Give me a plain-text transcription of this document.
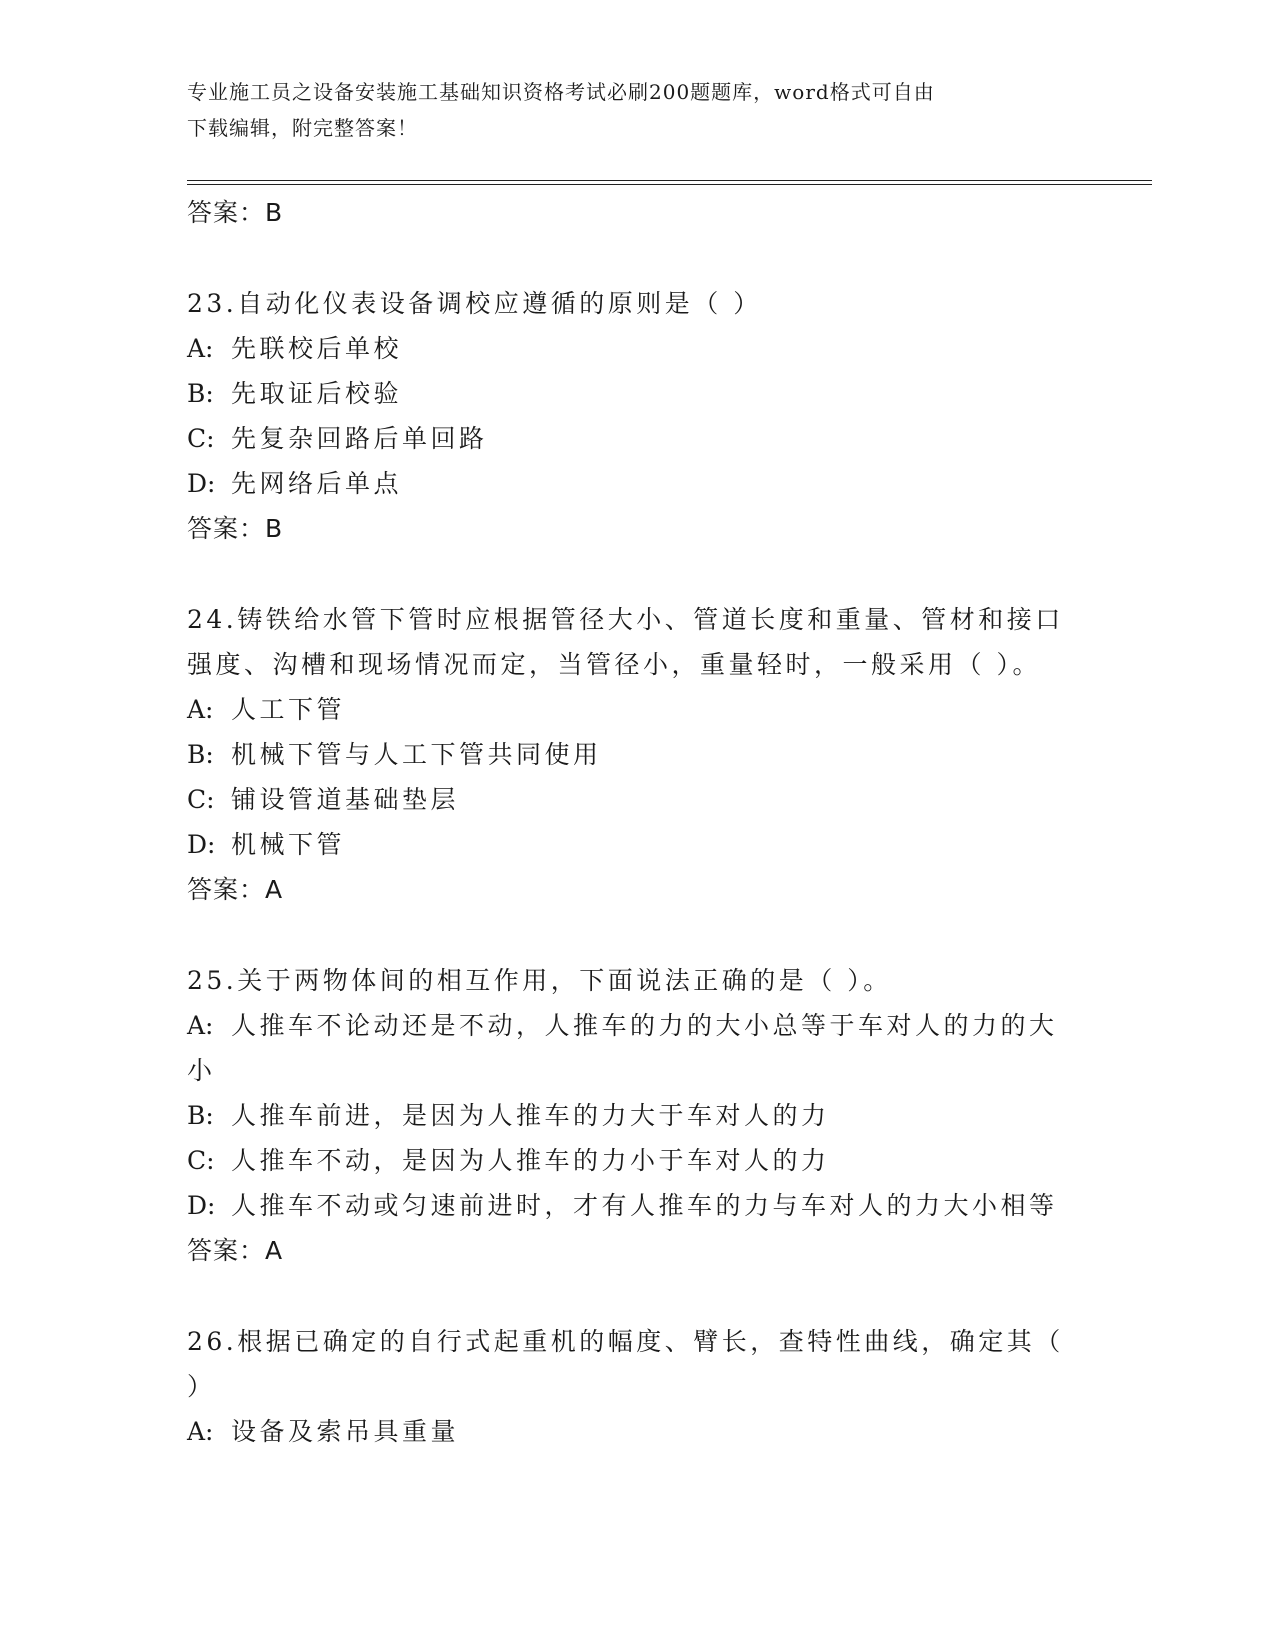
专业施工员之设备安装施工基础知识资格考试必刷200题题库，word格式可自由
下载编辑，附完整答案！
答案：B
23.自动化仪表设备调校应遵循的原则是（ ）
A: 先联校后单校
B: 先取证后校验
C: 先复杂回路后单回路
D: 先网络后单点
答案：B
24.铸铁给水管下管时应根据管径大小、管道长度和重量、管材和接口
强度、沟槽和现场情况而定，当管径小，重量轻时，一般采用（ ）。
A: 人工下管
B: 机械下管与人工下管共同使用
C: 铺设管道基础垫层
D: 机械下管
答案：A
25.关于两物体间的相互作用，下面说法正确的是（ ）。
A: 人推车不论动还是不动，人推车的力的大小总等于车对人的力的大
小
B: 人推车前进，是因为人推车的力大于车对人的力
C: 人推车不动，是因为人推车的力小于车对人的力
D: 人推车不动或匀速前进时，才有人推车的力与车对人的力大小相等
答案：A
26.根据已确定的自行式起重机的幅度、臂长，查特性曲线，确定其（
）
A: 设备及索吊具重量
